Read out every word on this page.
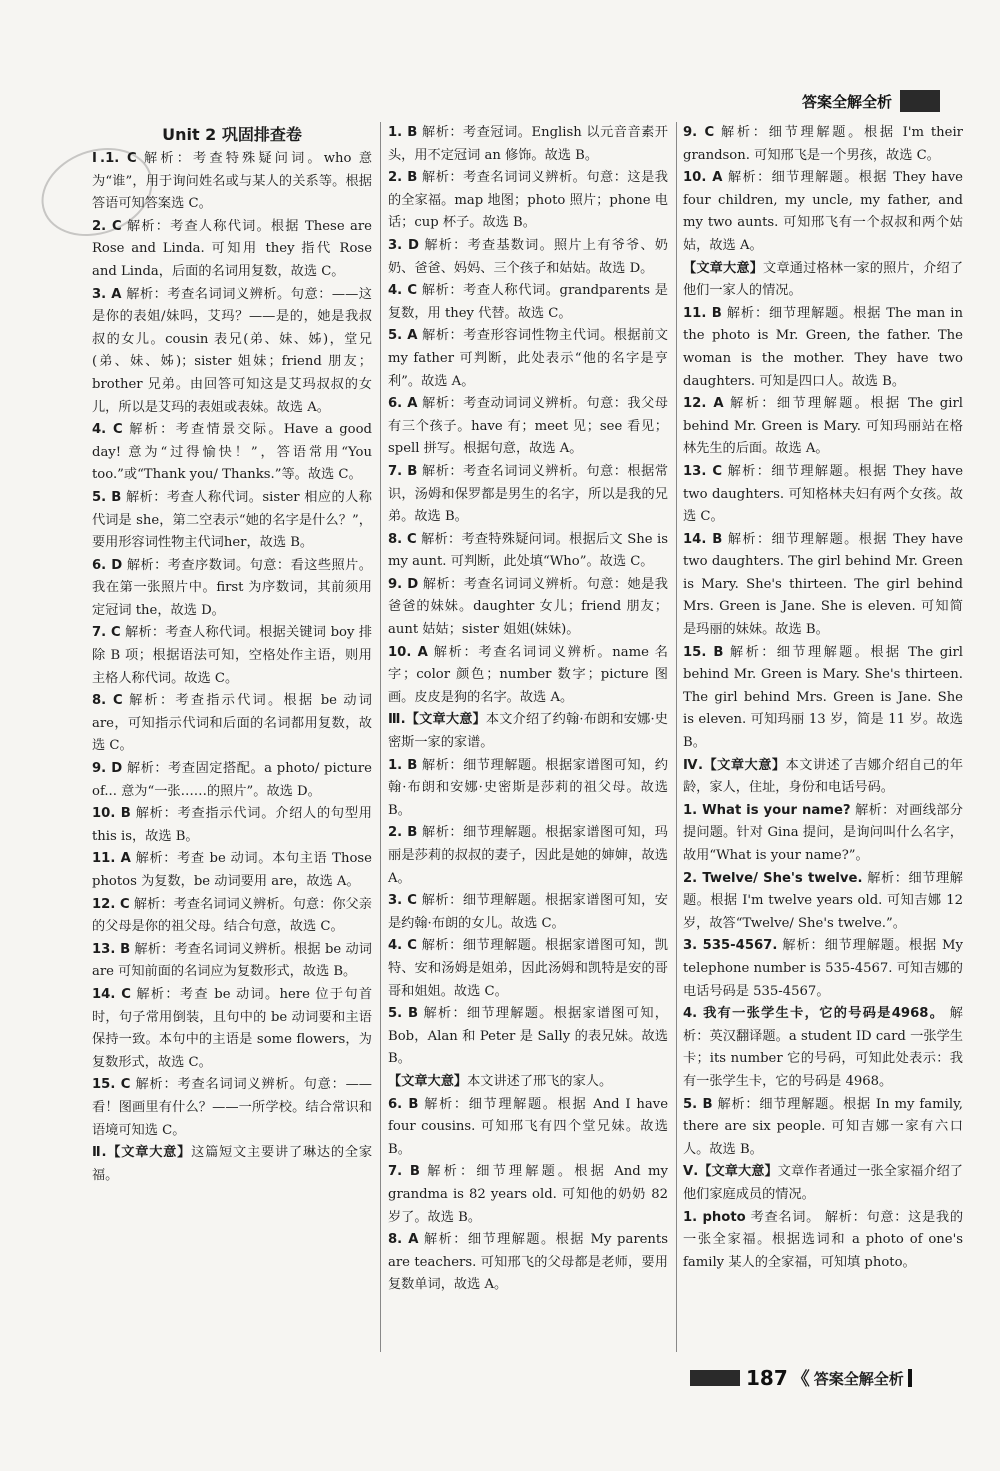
答案全解全析
Unit 2 巩固排查卷

Ⅰ.1. C 解析：考查特殊疑问词。who 意为“谁”，用于询问姓名或与某人的关系等。根据答语可知答案选 C。

2. C 解析：考查人称代词。根据 These are Rose and Linda. 可知用 they 指代 Rose and Linda，后面的名词用复数，故选 C。

3. A 解析：考查名词词义辨析。句意：——这是你的表姐/妹吗，艾玛？——是的，她是我叔叔的女儿。cousin 表兄(弟、妹、姊)，堂兄(弟、妹、姊)；sister 姐妹；friend 朋友；brother 兄弟。由回答可知这是艾玛叔叔的女儿，所以是艾玛的表姐或表妹。故选 A。

4. C 解析：考查情景交际。Have a good day! 意为“过得愉快！”，答语常用“You too.”或“Thank you/ Thanks.”等。故选 C。

5. B 解析：考查人称代词。sister 相应的人称代词是 she，第二空表示“她的名字是什么？”，要用形容词性物主代词her，故选 B。

6. D 解析：考查序数词。句意：看这些照片。我在第一张照片中。first 为序数词，其前须用定冠词 the，故选 D。

7. C 解析：考查人称代词。根据关键词 boy 排除 B 项；根据语法可知，空格处作主语，则用主格人称代词。故选 C。

8. C 解析：考查指示代词。根据 be 动词 are，可知指示代词和后面的名词都用复数，故选 C。

9. D 解析：考查固定搭配。a photo/ picture of... 意为“一张……的照片”。故选 D。

10. B 解析：考查指示代词。介绍人的句型用 this is，故选 B。

11. A 解析：考查 be 动词。本句主语 Those photos 为复数，be 动词要用 are，故选 A。

12. C 解析：考查名词词义辨析。句意：你父亲的父母是你的祖父母。结合句意，故选 C。

13. B 解析：考查名词词义辨析。根据 be 动词 are 可知前面的名词应为复数形式，故选 B。

14. C 解析：考查 be 动词。here 位于句首时，句子常用倒装，且句中的 be 动词要和主语保持一致。本句中的主语是 some flowers，为复数形式，故选 C。

15. C 解析：考查名词词义辨析。句意：——看！图画里有什么？——一所学校。结合常识和语境可知选 C。

Ⅱ.【文章大意】这篇短文主要讲了琳达的全家福。

1. B 解析：考查冠词。English 以元音音素开头，用不定冠词 an 修饰。故选 B。

2. B 解析：考查名词词义辨析。句意：这是我的全家福。map 地图；photo 照片；phone 电话；cup 杯子。故选 B。

3. D 解析：考查基数词。照片上有爷爷、奶奶、爸爸、妈妈、三个孩子和姑姑。故选 D。

4. C 解析：考查人称代词。grandparents 是复数，用 they 代替。故选 C。

5. A 解析：考查形容词性物主代词。根据前文 my father 可判断，此处表示“他的名字是亨利”。故选 A。

6. A 解析：考查动词词义辨析。句意：我父母有三个孩子。have 有；meet 见；see 看见；spell 拼写。根据句意，故选 A。

7. B 解析：考查名词词义辨析。句意：根据常识，汤姆和保罗都是男生的名字，所以是我的兄弟。故选 B。

8. C 解析：考查特殊疑问词。根据后文 She is my aunt. 可判断，此处填“Who”。故选 C。

9. D 解析：考查名词词义辨析。句意：她是我爸爸的妹妹。daughter 女儿；friend 朋友；aunt 姑姑；sister 姐姐(妹妹)。

10. A 解析：考查名词词义辨析。name 名字；color 颜色；number 数字；picture 图画。皮皮是狗的名字。故选 A。

Ⅲ.【文章大意】本文介绍了约翰·布朗和安娜·史密斯一家的家谱。

1. B 解析：细节理解题。根据家谱图可知，约翰·布朗和安娜·史密斯是莎莉的祖父母。故选 B。

2. B 解析：细节理解题。根据家谱图可知，玛丽是莎莉的叔叔的妻子，因此是她的婶婶，故选 A。

3. C 解析：细节理解题。根据家谱图可知，安是约翰·布朗的女儿。故选 C。

4. C 解析：细节理解题。根据家谱图可知，凯特、安和汤姆是姐弟，因此汤姆和凯特是安的哥哥和姐姐。故选 C。

5. B 解析：细节理解题。根据家谱图可知，Bob，Alan 和 Peter 是 Sally 的表兄妹。故选 B。

【文章大意】本文讲述了邢飞的家人。

6. B 解析：细节理解题。根据 And I have four cousins. 可知邢飞有四个堂兄妹。故选 B。

7. B 解析：细节理解题。根据 And my grandma is 82 years old. 可知他的奶奶 82 岁了。故选 B。

8. A 解析：细节理解题。根据 My parents are teachers. 可知邢飞的父母都是老师，要用复数单词，故选 A。

9. C 解析：细节理解题。根据 I'm their grandson. 可知邢飞是一个男孩，故选 C。

10. A 解析：细节理解题。根据 They have four children, my uncle, my father, and my two aunts. 可知邢飞有一个叔叔和两个姑姑，故选 A。

【文章大意】文章通过格林一家的照片，介绍了他们一家人的情况。

11. B 解析：细节理解题。根据 The man in the photo is Mr. Green, the father. The woman is the mother. They have two daughters. 可知是四口人。故选 B。

12. A 解析：细节理解题。根据 The girl behind Mr. Green is Mary. 可知玛丽站在格林先生的后面。故选 A。

13. C 解析：细节理解题。根据 They have two daughters. 可知格林夫妇有两个女孩。故选 C。

14. B 解析：细节理解题。根据 They have two daughters. The girl behind Mr. Green is Mary. She's thirteen. The girl behind Mrs. Green is Jane. She is eleven. 可知简是玛丽的妹妹。故选 B。

15. B 解析：细节理解题。根据 The girl behind Mr. Green is Mary. She's thirteen. The girl behind Mrs. Green is Jane. She is eleven. 可知玛丽 13 岁，简是 11 岁。故选 B。

Ⅳ.【文章大意】本文讲述了吉娜介绍自己的年龄，家人，住址，身份和电话号码。

1. What is your name? 解析：对画线部分提问题。针对 Gina 提问，是询问叫什么名字，故用“What is your name?”。

2. Twelve/ She's twelve. 解析：细节理解题。根据 I'm twelve years old. 可知吉娜 12 岁，故答“Twelve/ She's twelve.”。

3. 535-4567. 解析：细节理解题。根据 My telephone number is 535-4567. 可知吉娜的电话号码是 535-4567。

4. 我有一张学生卡，它的号码是4968。 解析：英汉翻译题。a student ID card 一张学生卡；its number 它的号码，可知此处表示：我有一张学生卡，它的号码是 4968。

5. B 解析：细节理解题。根据 In my family, there are six people. 可知吉娜一家有六口人。故选 B。

Ⅴ.【文章大意】文章作者通过一张全家福介绍了他们家庭成员的情况。

1. photo 考查名词。 解析：句意：这是我的一张全家福。根据选词和 a photo of one's family 某人的全家福，可知填 photo。

187 《 答案全解全析
